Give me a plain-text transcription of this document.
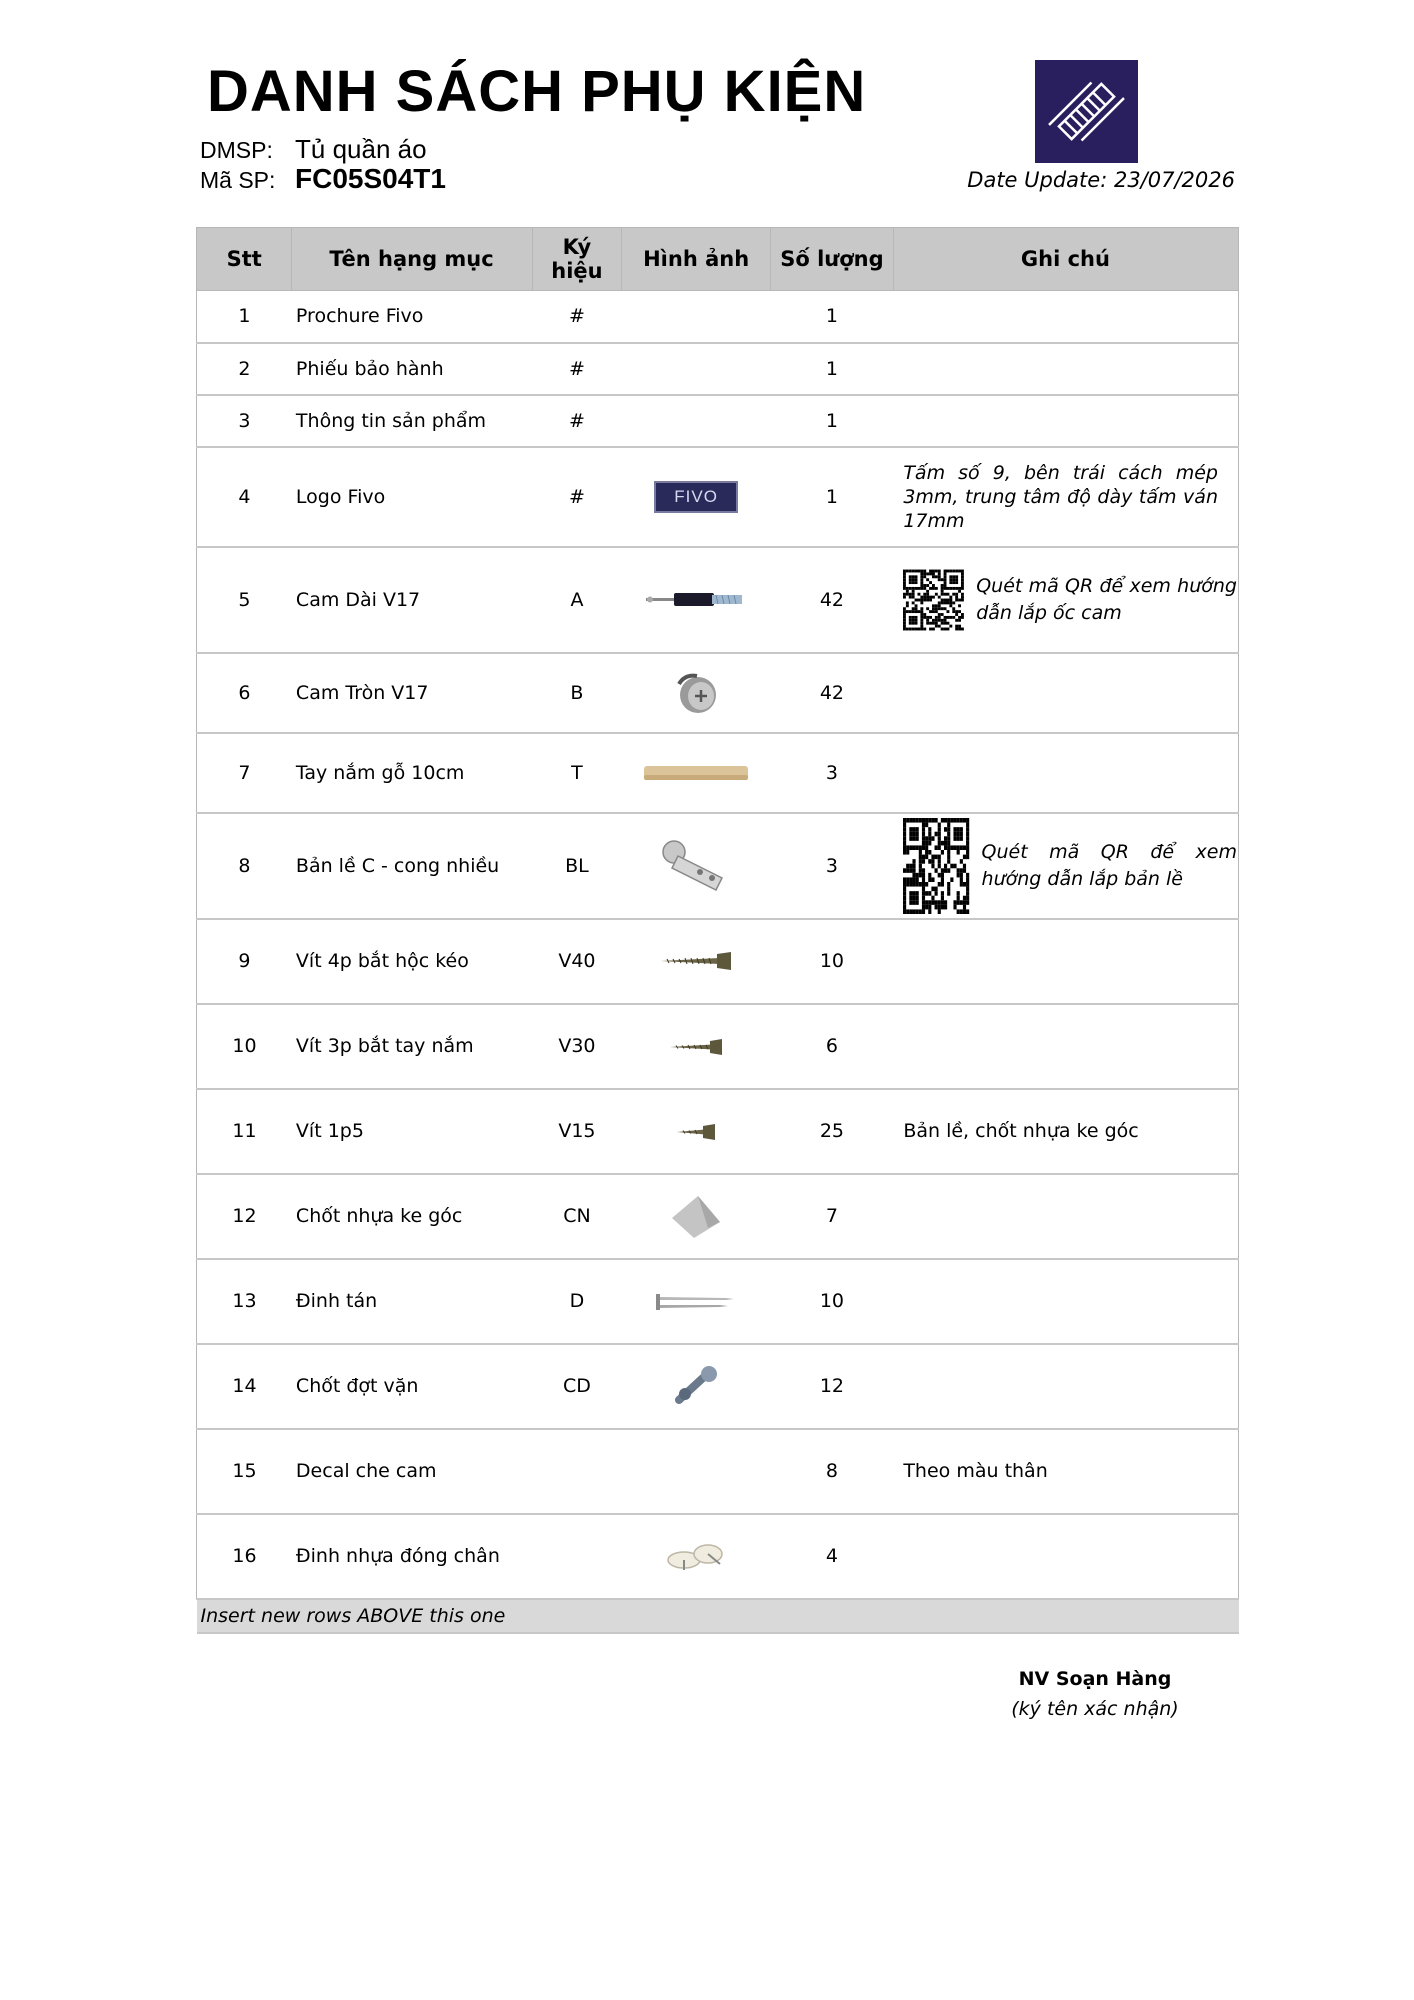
DANH SÁCH PHỤ KIỆN
DMSP: Tủ quần áo
Mã SP: FC05S04T1	Date Update: 23/07/2026
Stt	Tên hạng mục	Ký hiệu	Hình ảnh	Số lượng	Ghi chú
1	Prochure Fivo	#		1	
2	Phiếu bảo hành	#		1	
3	Thông tin sản phẩm	#		1	
4	Logo Fivo	#	FIVO	1	Tấm số 9, bên trái cách mép 3mm, trung tâm độ dày tấm ván 17mm
5	Cam Dài V17	A		42	Quét mã QR để xem hướng dẫn lắp ốc cam

6	Cam Tròn V17	B		42	
7	Tay nắm gỗ 10cm	T		3	
8	Bản lề C - cong nhiều	BL		3	Quét mã QR để xem hướng dẫn lắp bản lề

9	Vít 4p bắt hộc kéo	V40		10	
10	Vít 3p bắt tay nắm	V30		6	
11	Vít 1p5	V15		25	Bản lề, chốt nhựa ke góc
12	Chốt nhựa ke góc	CN		7	
13	Đinh tán	D		10	
14	Chốt đợt vặn	CD		12	
15	Decal che cam			8	Theo màu thân
16	Đinh nhựa đóng chân			4	
Insert new rows ABOVE this one					
NV Soạn Hàng
(ký tên xác nhận)
